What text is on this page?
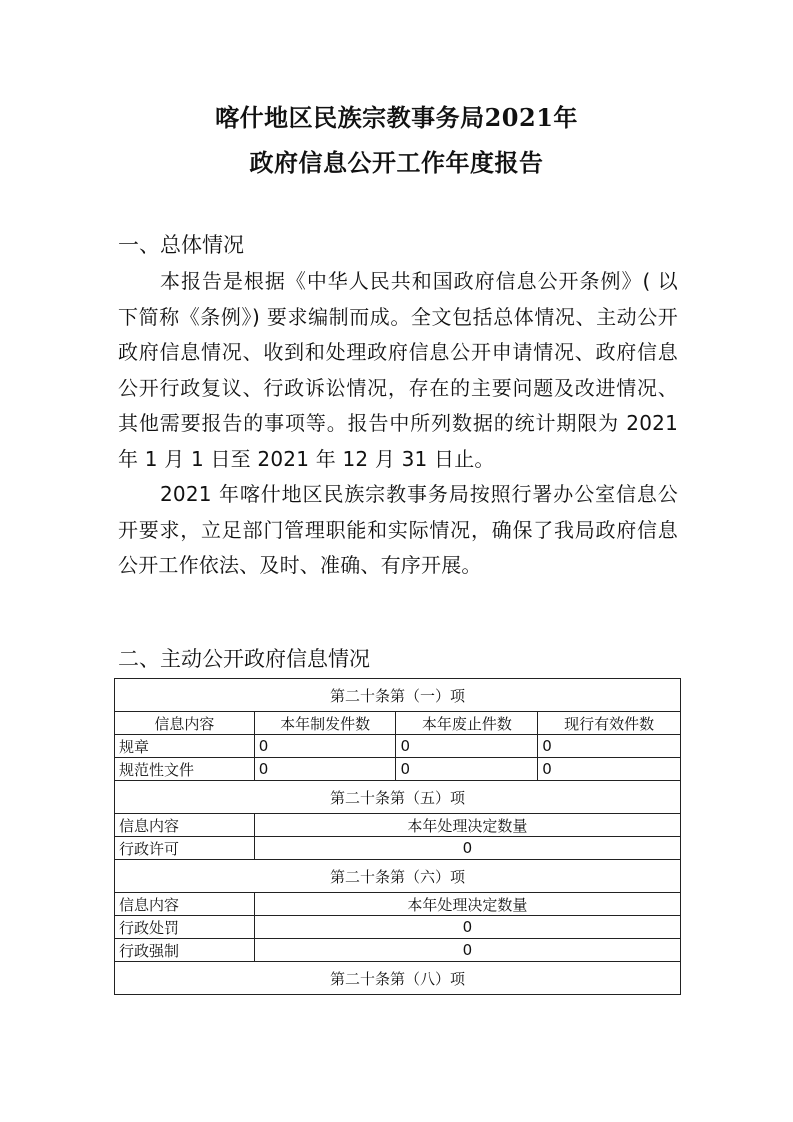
喀什地区民族宗教事务局2021年
政府信息公开工作年度报告
一、总体情况

本报告是根据《中华人民共和国政府信息公开条例》( 以下简称《条例》) 要求编制而成。全文包括总体情况、主动公开政府信息情况、收到和处理政府信息公开申请情况、政府信息公开行政复议、行政诉讼情况，存在的主要问题及改进情况、其他需要报告的事项等。报告中所列数据的统计期限为 2021 年 1 月 1 日至 2021 年 12 月 31 日止。

2021 年喀什地区民族宗教事务局按照行署办公室信息公开要求，立足部门管理职能和实际情况，确保了我局政府信息公开工作依法、及时、准确、有序开展。

二、主动公开政府信息情况
第二十条第（一）项			
信息内容	本年制发件数	本年废止件数	现行有效件数
规章	0	0	0
规范性文件	0	0	0
第二十条第（五）项			
信息内容	本年处理决定数量		
行政许可	0		
第二十条第（六）项			
信息内容	本年处理决定数量		
行政处罚	0		
行政强制	0		
第二十条第（八）项			
